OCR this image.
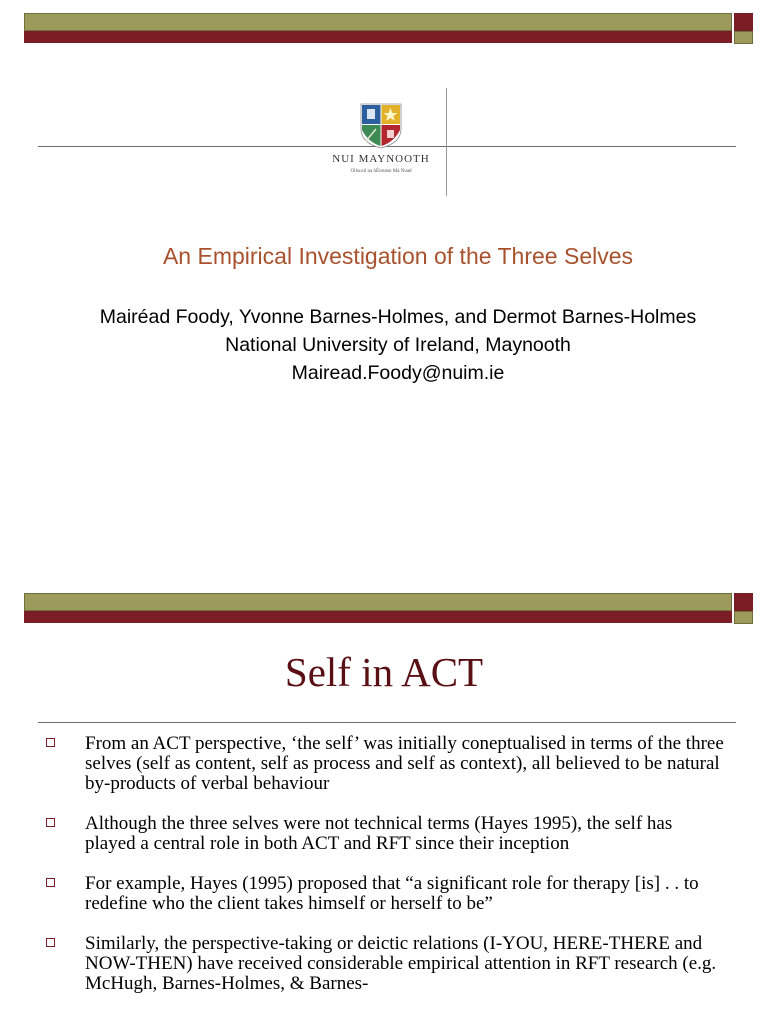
NUI MAYNOOTH
Ollscoil na hÉireann Má Nuad
An Empirical Investigation of the Three Selves
Mairéad Foody, Yvonne Barnes-Holmes, and Dermot Barnes-Holmes
National University of Ireland, Maynooth
Mairead.Foody@nuim.ie
Self in ACT
From an ACT perspective, ‘the self’ was initially coneptualised in terms of the three selves (self as content, self as process and self as context), all believed to be natural by-products of verbal behaviour
Although the three selves were not technical terms (Hayes 1995), the self has played a central role in both ACT and RFT since their inception
For example, Hayes (1995) proposed that “a significant role for therapy [is] . . to redefine who the client takes himself or herself to be”
Similarly, the perspective-taking or deictic relations (I-YOU, HERE-THERE and NOW-THEN) have received considerable empirical attention in RFT research (e.g. McHugh, Barnes-Holmes, & Barnes-
